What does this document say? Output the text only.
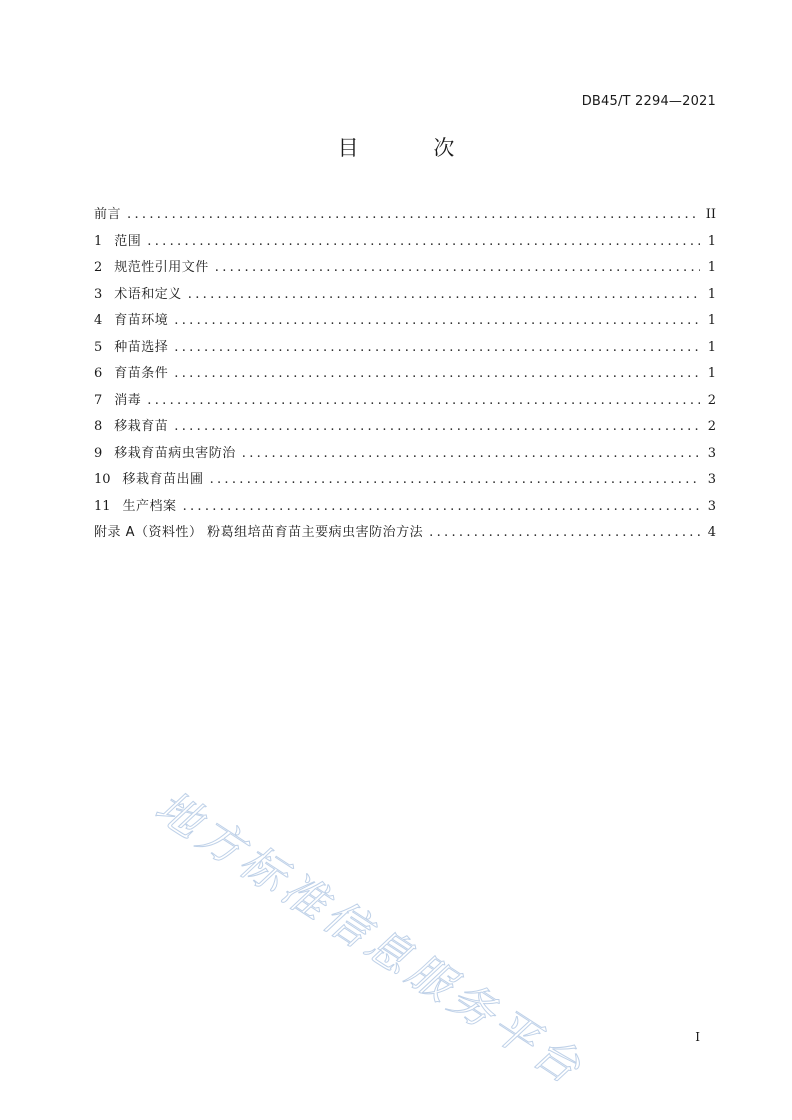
DB45/T 2294—2021
目 次
前言 .....	II
1 范围 .....	1
2 规范性引用文件 .....	1
3 术语和定义 .....	1
4 育苗环境 .....	1
5 种苗选择 .....	1
6 育苗条件 .....	1
7 消毒 .....	2
8 移栽育苗 .....	2
9 移栽育苗病虫害防治 .....	3
10 移栽育苗出圃 .....	3
11 生产档案 .....	3
附录 A（资料性） 粉葛组培苗育苗主要病虫害防治方法 .....	4
地方标准信息服务平台	I
